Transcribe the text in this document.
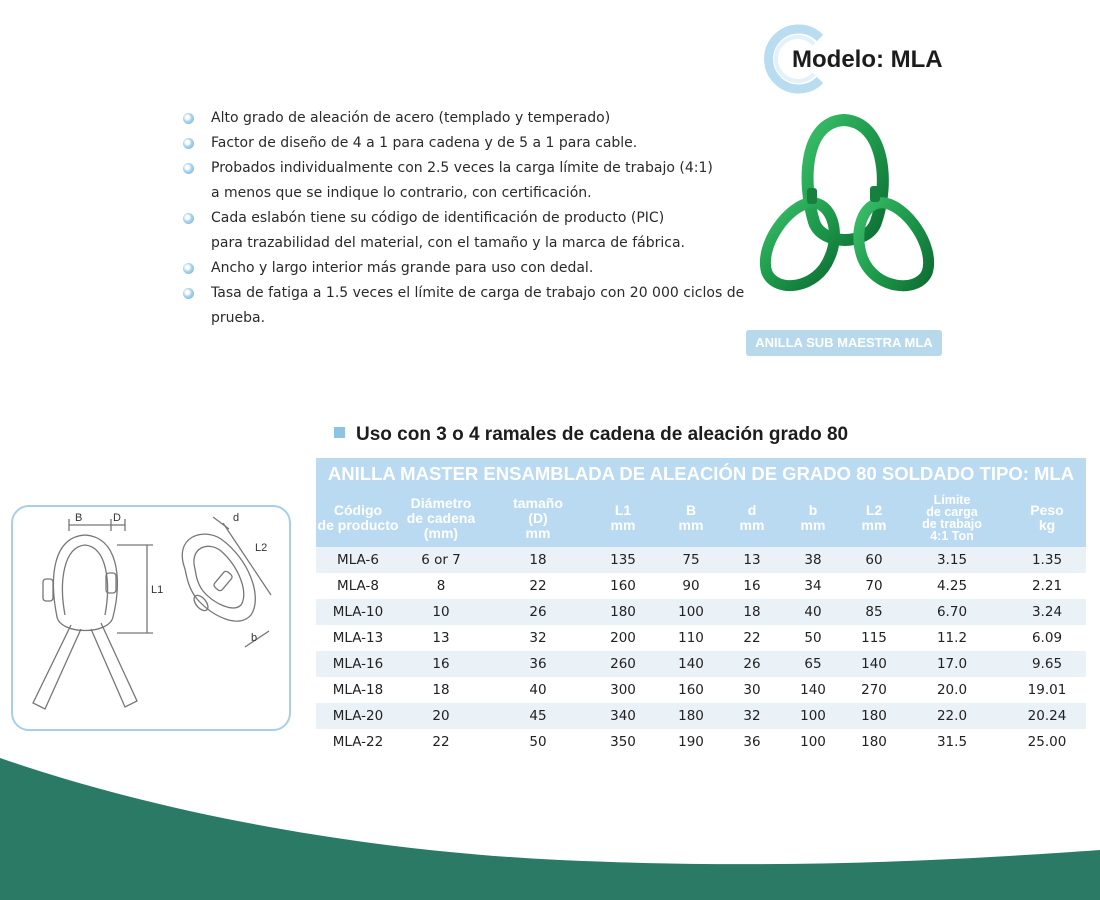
Modelo: MLA
Alto grado de aleación de acero (templado y temperado)
Factor de diseño de 4 a 1 para cadena y de 5 a 1 para cable.
Probados individualmente con 2.5 veces la carga límite de trabajo (4:1)
a menos que se indique lo contrario, con certificación.
Cada eslabón tiene su código de identificación de producto (PIC)
para trazabilidad del material, con el tamaño y la marca de fábrica.
Ancho y largo interior más grande para uso con dedal.
Tasa de fatiga a 1.5 veces el límite de carga de trabajo con 20 000 ciclos de prueba.
ANILLA SUB MAESTRA MLA
Uso con 3 o 4 ramales de cadena de aleación grado 80
B	D
L1
d
L2
b
ANILLA MASTER ENSAMBLADA DE ALEACIÓN DE GRADO 80 SOLDADO TIPO: MLA
Código
de producto	Diámetro
de cadena
(mm)	tamaño
(D)
mm	L1
mm	B
mm	d
mm	b
mm	L2
mm	Límite
de carga
de trabajo
4:1 Ton	Peso
kg

MLA-6	6 or 7	18	135	75	13	38	60	3.15	1.35
MLA-8	8	22	160	90	16	34	70	4.25	2.21
MLA-10	10	26	180	100	18	40	85	6.70	3.24
MLA-13	13	32	200	110	22	50	115	11.2	6.09
MLA-16	16	36	260	140	26	65	140	17.0	9.65
MLA-18	18	40	300	160	30	140	270	20.0	19.01
MLA-20	20	45	340	180	32	100	180	22.0	20.24
MLA-22	22	50	350	190	36	100	180	31.5	25.00
